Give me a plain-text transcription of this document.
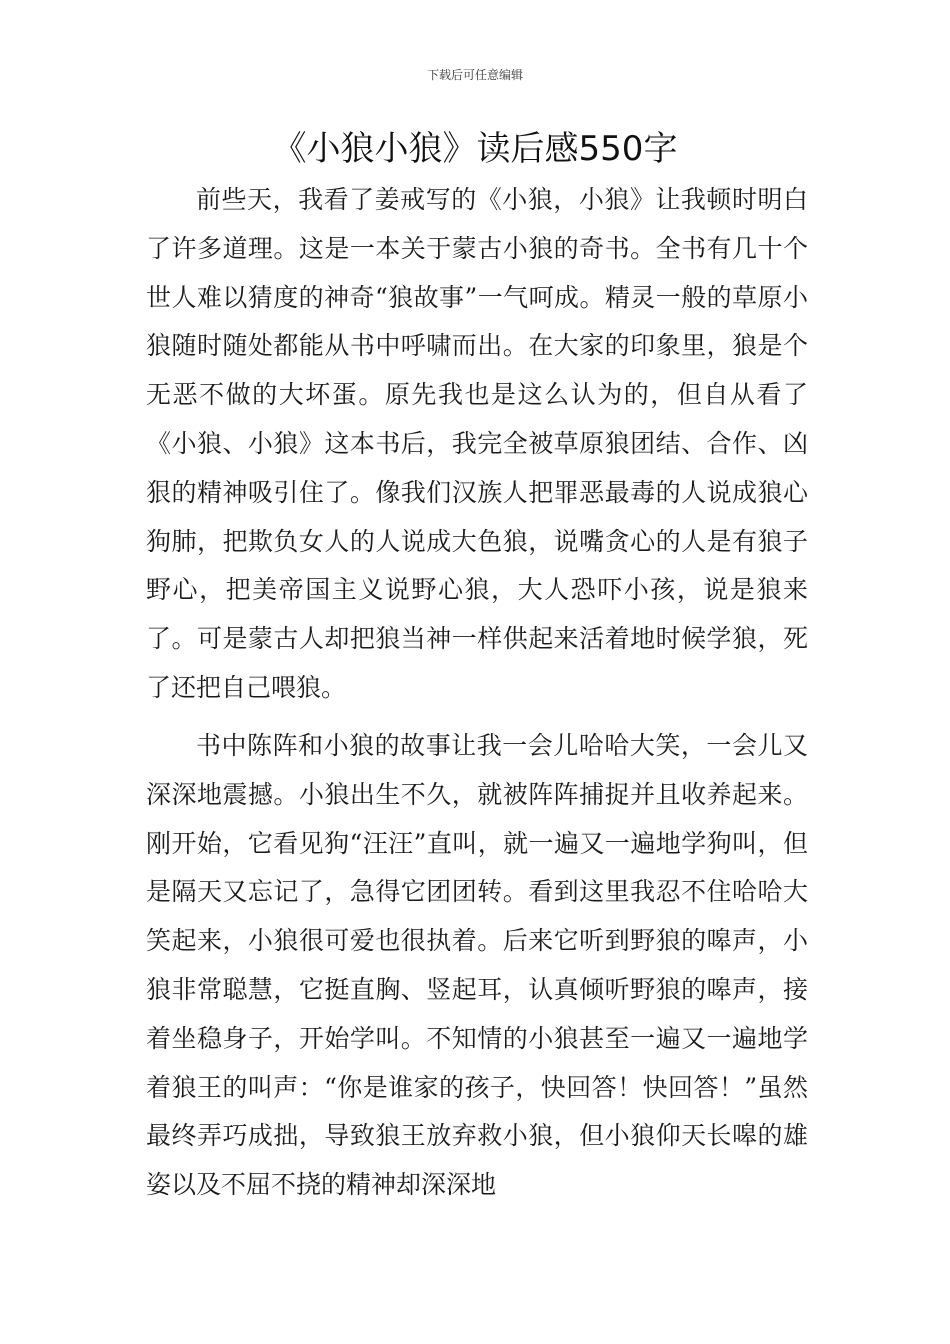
下载后可任意编辑
《小狼小狼》读后感550字

前些天，我看了姜戒写的《小狼，小狼》让我顿时明白了许多道理。这是一本关于蒙古小狼的奇书。全书有几十个世人难以猜度的神奇“狼故事”一气呵成。精灵一般的草原小狼随时随处都能从书中呼啸而出。在大家的印象里，狼是个无恶不做的大坏蛋。原先我也是这么认为的，但自从看了《小狼、小狼》这本书后，我完全被草原狼团结、合作、凶狠的精神吸引住了。像我们汉族人把罪恶最毒的人说成狼心狗肺，把欺负女人的人说成大色狼，说嘴贪心的人是有狼子野心，把美帝国主义说野心狼，大人恐吓小孩，说是狼来了。可是蒙古人却把狼当神一样供起来活着地时候学狼，死了还把自己喂狼。

书中陈阵和小狼的故事让我一会儿哈哈大笑，一会儿又深深地震撼。小狼出生不久，就被阵阵捕捉并且收养起来。刚开始，它看见狗“汪汪”直叫，就一遍又一遍地学狗叫，但是隔天又忘记了，急得它团团转。看到这里我忍不住哈哈大笑起来，小狼很可爱也很执着。后来它听到野狼的嗥声，小狼非常聪慧，它挺直胸、竖起耳，认真倾听野狼的嗥声，接着坐稳身子，开始学叫。不知情的小狼甚至一遍又一遍地学着狼王的叫声：“你是谁家的孩子，快回答！快回答！”虽然最终弄巧成拙，导致狼王放弃救小狼，但小狼仰天长嗥的雄姿以及不屈不挠的精神却深深地
